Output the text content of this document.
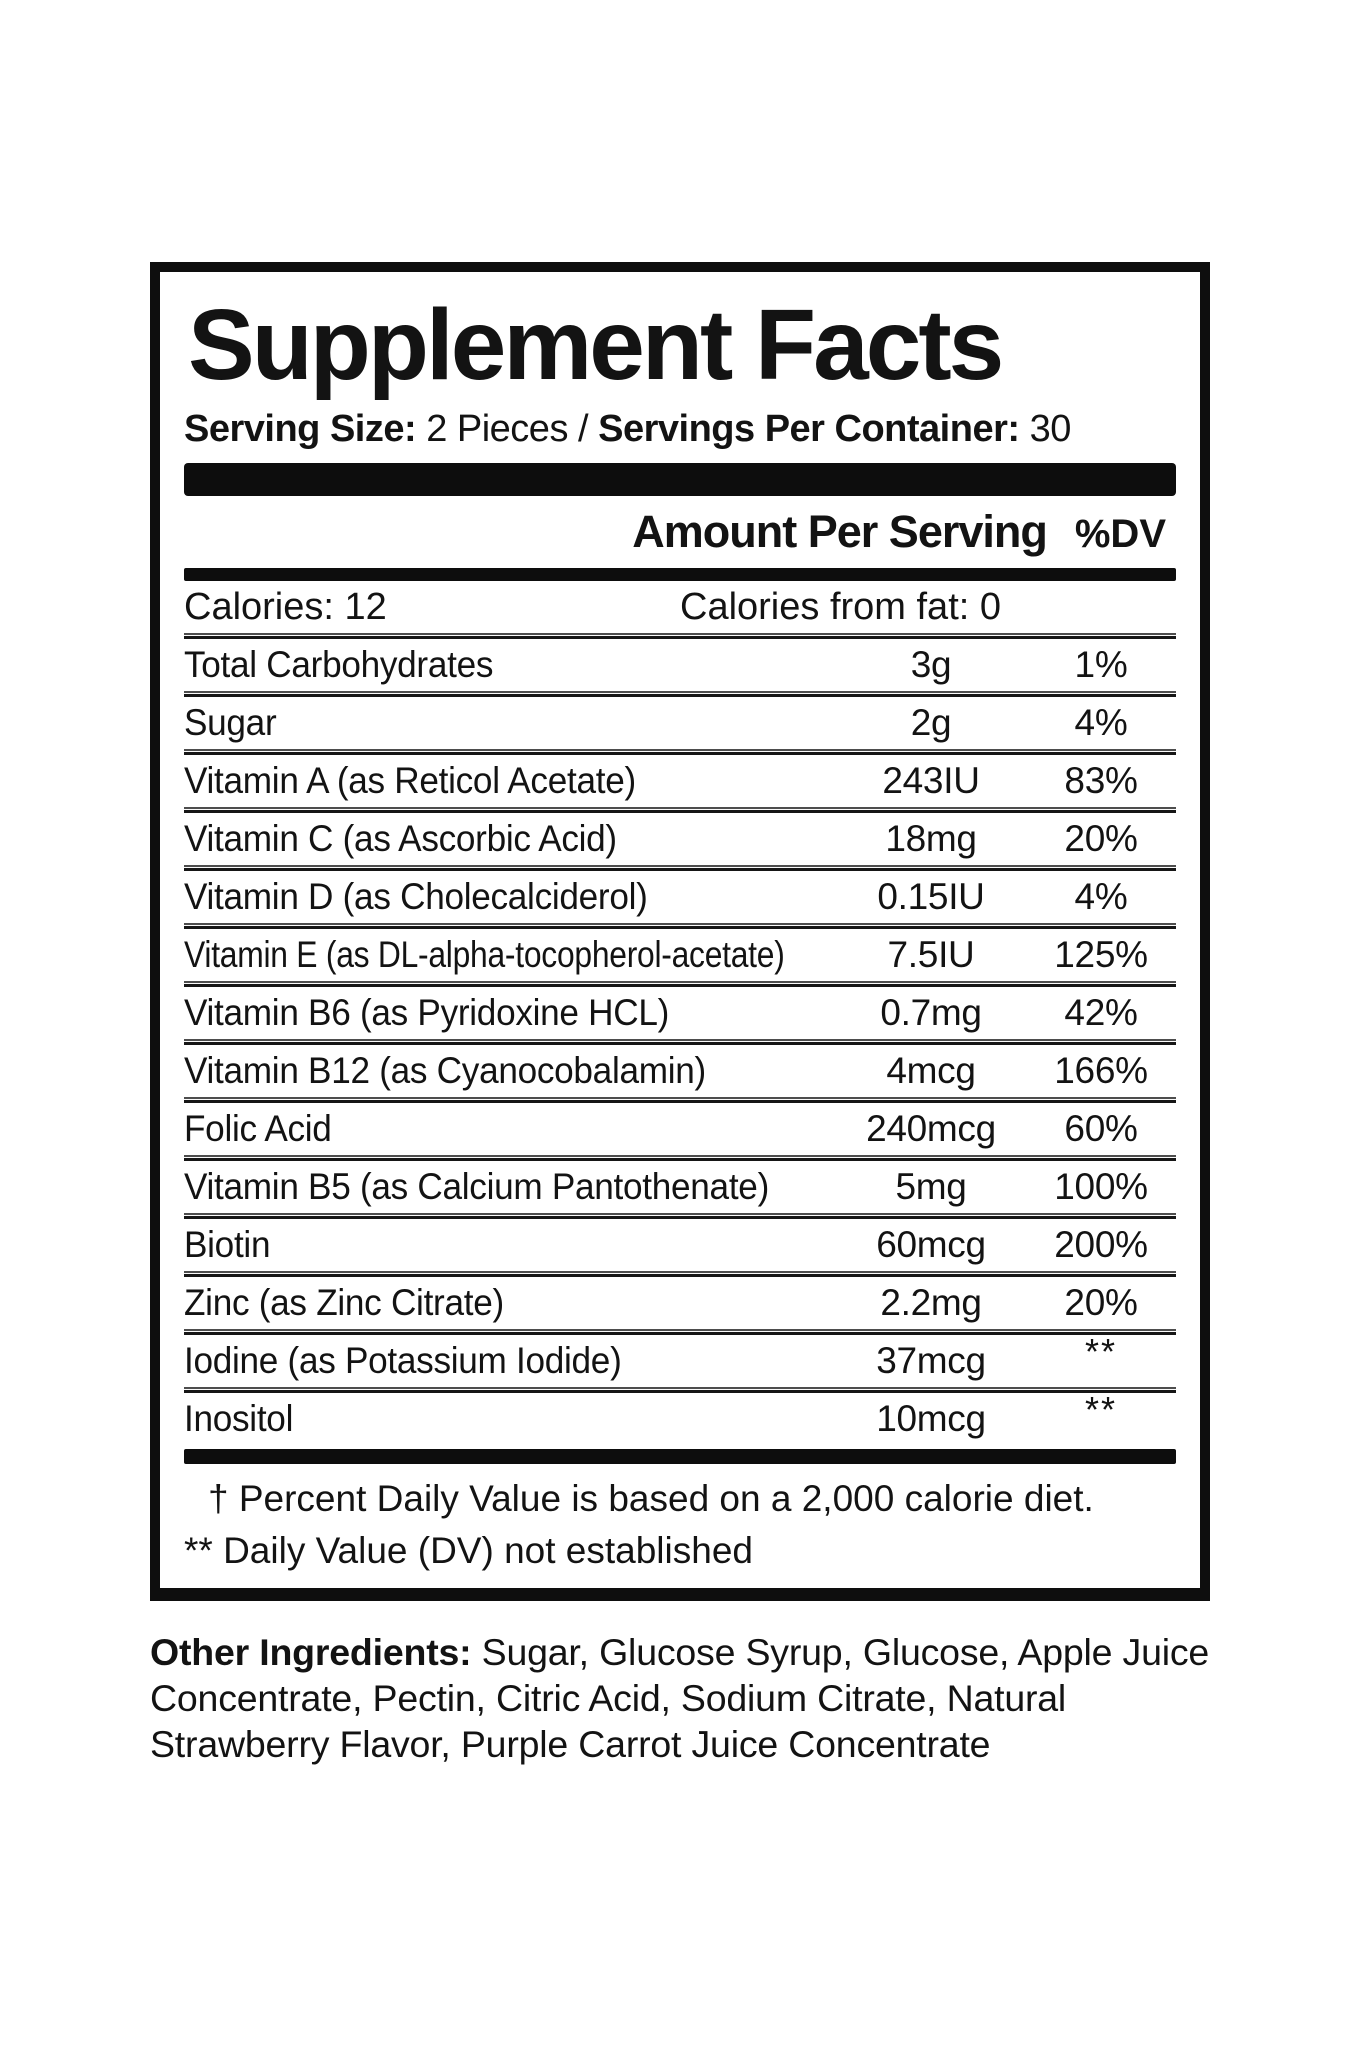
Supplement Facts
Serving Size: 2 Pieces / Servings Per Container: 30
Amount Per Serving %DV
Calories: 12	Calories from fat: 0
Total Carbohydrates	3g	1%
Sugar	2g	4%
Vitamin A (as Reticol Acetate)	243IU	83%
Vitamin C (as Ascorbic Acid)	18mg	20%
Vitamin D (as Cholecalciderol)	0.15IU	4%
Vitamin E (as DL-alpha-tocopherol-acetate)	7.5IU	125%
Vitamin B6 (as Pyridoxine HCL)	0.7mg	42%
Vitamin B12 (as Cyanocobalamin)	4mcg	166%
Folic Acid	240mcg	60%
Vitamin B5 (as Calcium Pantothenate)	5mg	100%
Biotin	60mcg	200%
Zinc (as Zinc Citrate)	2.2mg	20%
Iodine (as Potassium Iodide)	37mcg	**
Inositol	10mcg	**
† Percent Daily Value is based on a 2,000 calorie diet.
** Daily Value (DV) not established
Other Ingredients: Sugar, Glucose Syrup, Glucose, Apple Juice Concentrate, Pectin, Citric Acid, Sodium Citrate, Natural Strawberry Flavor, Purple Carrot Juice Concentrate
